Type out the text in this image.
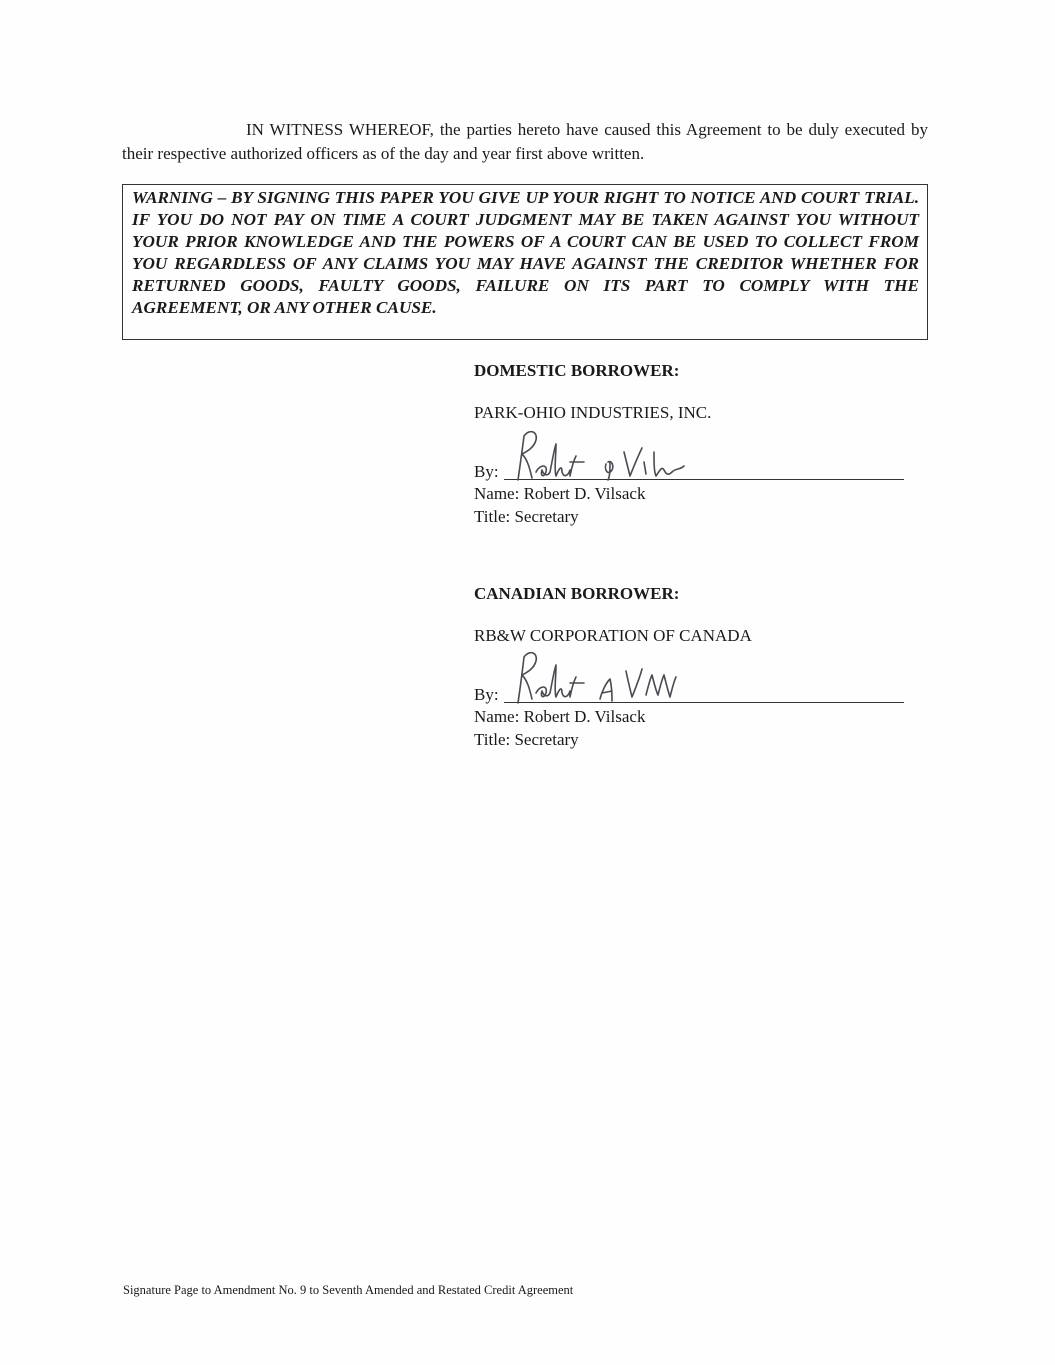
IN WITNESS WHEREOF, the parties hereto have caused this Agreement to be duly executed by their respective authorized officers as of the day and year first above written.

WARNING – BY SIGNING THIS PAPER YOU GIVE UP YOUR RIGHT TO NOTICE AND COURT TRIAL. IF YOU DO NOT PAY ON TIME A COURT JUDGMENT MAY BE TAKEN AGAINST YOU WITHOUT YOUR PRIOR KNOWLEDGE AND THE POWERS OF A COURT CAN BE USED TO COLLECT FROM YOU REGARDLESS OF ANY CLAIMS YOU MAY HAVE AGAINST THE CREDITOR WHETHER FOR RETURNED GOODS, FAULTY GOODS, FAILURE ON ITS PART TO COMPLY WITH THE AGREEMENT, OR ANY OTHER CAUSE.

DOMESTIC BORROWER:

PARK-OHIO INDUSTRIES, INC.

By:

Name: Robert D. Vilsack

Title: Secretary

CANADIAN BORROWER:

RB&W CORPORATION OF CANADA

By:

Name: Robert D. Vilsack

Title: Secretary

Signature Page to Amendment No. 9 to Seventh Amended and Restated Credit Agreement
